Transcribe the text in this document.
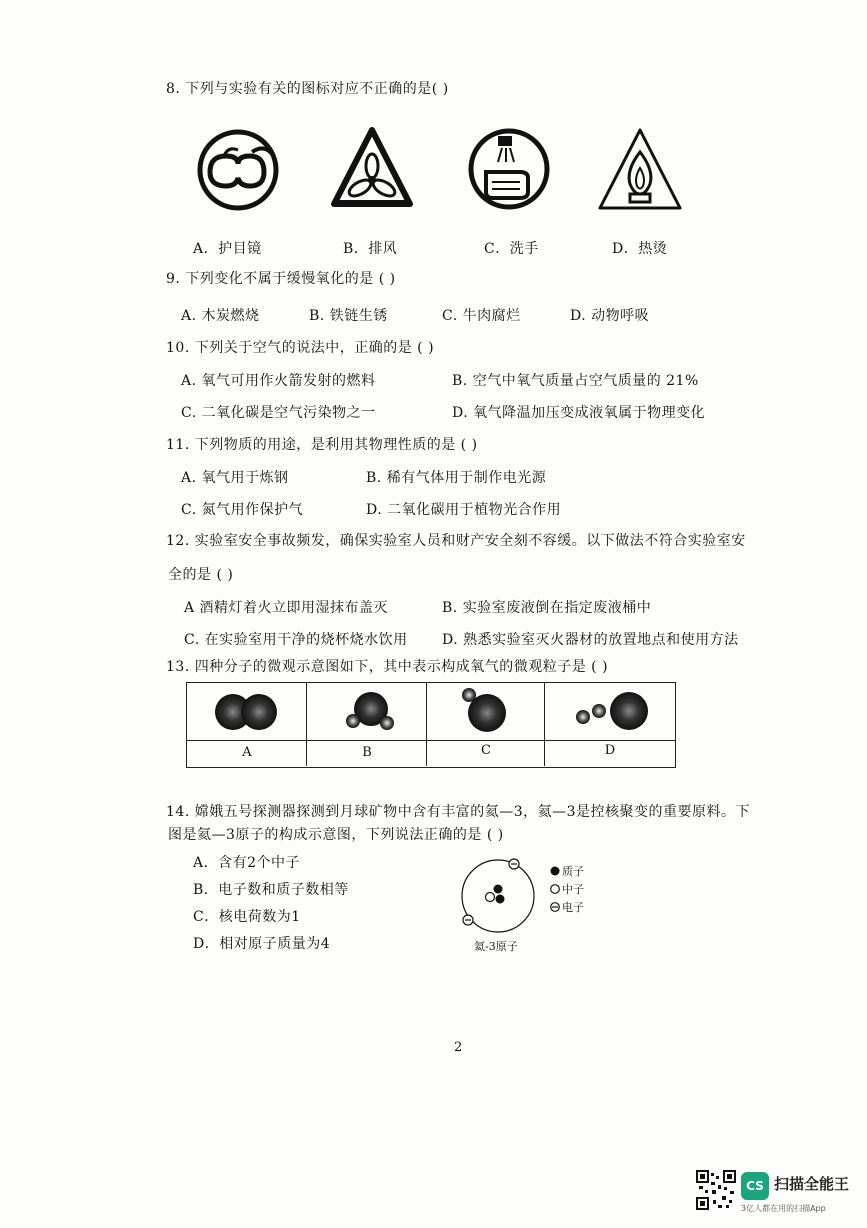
8. 下列与实验有关的图标对应不正确的是( )
A．护目镜	B．排风	C．洗手	D．热烫
9. 下列变化不属于缓慢氧化的是 ( )
A. 木炭燃烧	B. 铁链生锈	C. 牛肉腐烂	D. 动物呼吸
10. 下列关于空气的说法中，正确的是 ( )
A. 氧气可用作火箭发射的燃料	B. 空气中氧气质量占空气质量的 21%
C. 二氧化碳是空气污染物之一	D. 氧气降温加压变成液氧属于物理变化
11. 下列物质的用途，是利用其物理性质的是 ( )
A. 氧气用于炼钢	B. 稀有气体用于制作电光源
C. 氮气用作保护气	D. 二氧化碳用于植物光合作用
12. 实验室安全事故频发，确保实验室人员和财产安全刻不容缓。以下做法不符合实验室安
全的是 ( )
A 酒精灯着火立即用湿抹布盖灭	B. 实验室废液倒在指定废液桶中
C. 在实验室用干净的烧杯烧水饮用 D. 熟悉实验室灭火器材的放置地点和使用方法
13. 四种分子的微观示意图如下，其中表示构成氧气的微观粒子是 ( )
A	B	C	D
14. 嫦娥五号探测器探测到月球矿物中含有丰富的氦—3，氦—3是控核聚变的重要原料。下
图是氦—3原子的构成示意图，下列说法正确的是 ( )
A．含有2个中子
B．电子数和质子数相等
C．核电荷数为1
D．相对原子质量为4
质子
中子
电子
氦-3原子
2
CS 扫描全能王
3亿人都在用的扫描App
